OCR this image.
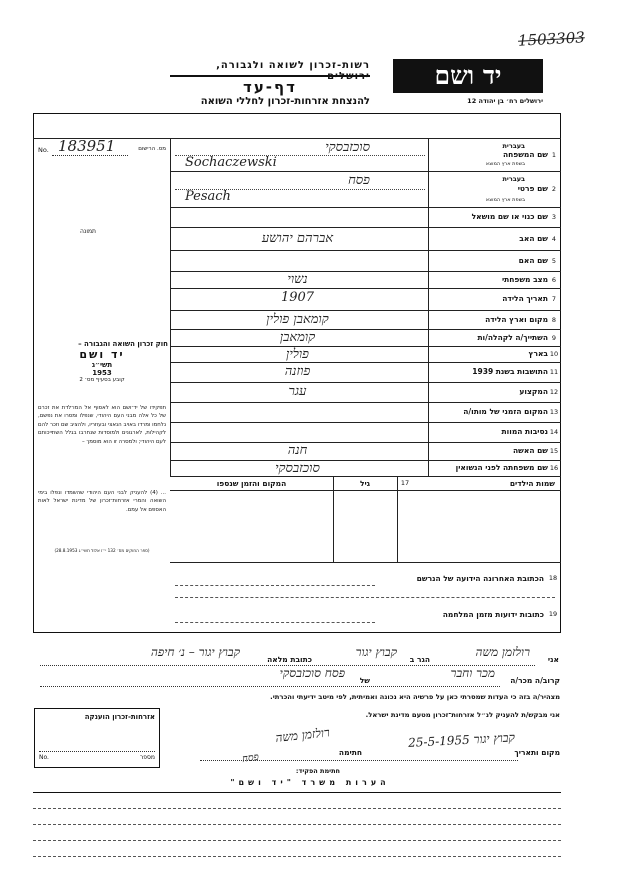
1503303
רשות-זכרון לשואה ולגבורה, ירושלים
דף-עד
להנצחת אזרחות-זכרון לחללי השואה
יד ושם
ירושלים רח׳ בן יהודה 12
מס. הרישום
No. 183951
תמונה
חוק זכרון השואה והגבורה –
יד ושם
תשי״ג
1953
קובע בסעיף מס׳ 2
תפקידו של יד־ושם הוא לאסוף אל המו־לדת את זכרם של כל אלה מבני העם היהודי, שנפלו ומסרו את נפשם, נלחמו ומרדו באויב הנאצי ובעוזריו, ולהציב שם וזכר להם לקהילות, לארגונים ולמוסדות שנחרבו בגלל השתייכותם לעם היהודי; ולמסרה זו הוא מוסמך –
... (4) להעניק לבני העם היהודי שהשמדו ונפלו בימי השואה והמרי אזרחות־זכרון של מדינת ישראל לאות האספם אל עמם.
(ספר החוקים מס׳ 132 י״ז אלול תשי״ג 28.8.1953)
1
שם המשפחה
בעברית
בשפת ארץ המוצא
סוכזבסקי
Sochaczewski
2
שם פרטי
בעברית
בשפת ארץ המוצא
פסח
Pesach
3
שם כנוי או שם מושאל
4
שם האב
אברהם יהושע
5
שם האם
6
מצב משפחתי
נשוי
7
תאריך הלידה
1907
8
מקום וארץ הלידה
קומאבן פולין
9
השתייך/ה לקהלה/ות
קומאבן
10
בארץ
פולין
11
התושבות בשנת 1939
פוזנה
12
המקצוע
עגר
13
המקום הזמני של מותו/ה
14
נסיבות המוות
15
שם האשה
חנה
16
שם משפחתה לפני הנשואין
סוכזבסקי
שמות הילדים
17
גיל
המקום והזמן שנספו
18
הכתובת האחרונה הידועה של הנרשם
19
כתובות ידועות מזמן המלחמה
אני
רולזמן משה
הגר ב
קבוץ יגור
כתובת מלאה
קבוץ יגור – נ׳ חיפה
קרוב/ה מכר/ה
מכר וחבר
של
פסח סוכזבסקי
מצהיר/ה בזה כי העדות שמסרתי כאן על פרשיה היא נכונה ואמיתית, לפי מיטב ידיעתי והכרתי.
אני מבקש/ת להעניק לנ״ל אזרחות־זכרון מטעם מדינת ישראל.
אזרחות-זכרון הוענקה
No.	מספר
מקום ותאריך
קבוץ יגור 25-5-1955
חתימה
רולזמן משה
חתימת הפקיד:
פסח
הערות משרד "יד ושם"
